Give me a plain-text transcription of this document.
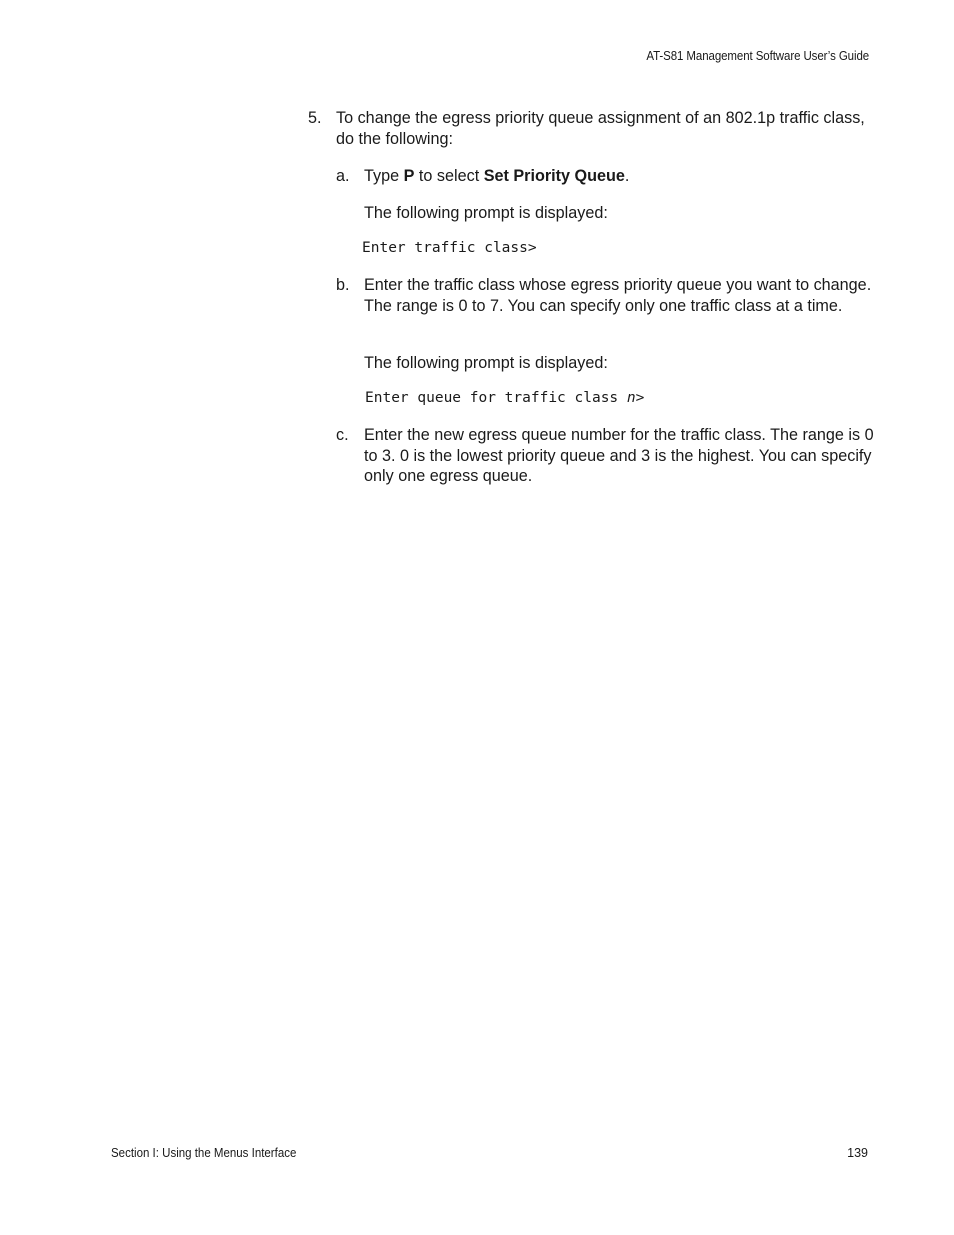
AT-S81 Management Software User’s Guide
5. To change the egress priority queue assignment of an 802.1p traffic class, do the following:
a. Type P to select Set Priority Queue.
The following prompt is displayed:
Enter traffic class>
b. Enter the traffic class whose egress priority queue you want to change. The range is 0 to 7. You can specify only one traffic class at a time.
The following prompt is displayed:
Enter queue for traffic class n>
c. Enter the new egress queue number for the traffic class. The range is 0 to 3. 0 is the lowest priority queue and 3 is the highest. You can specify only one egress queue.
Section I: Using the Menus Interface	139
